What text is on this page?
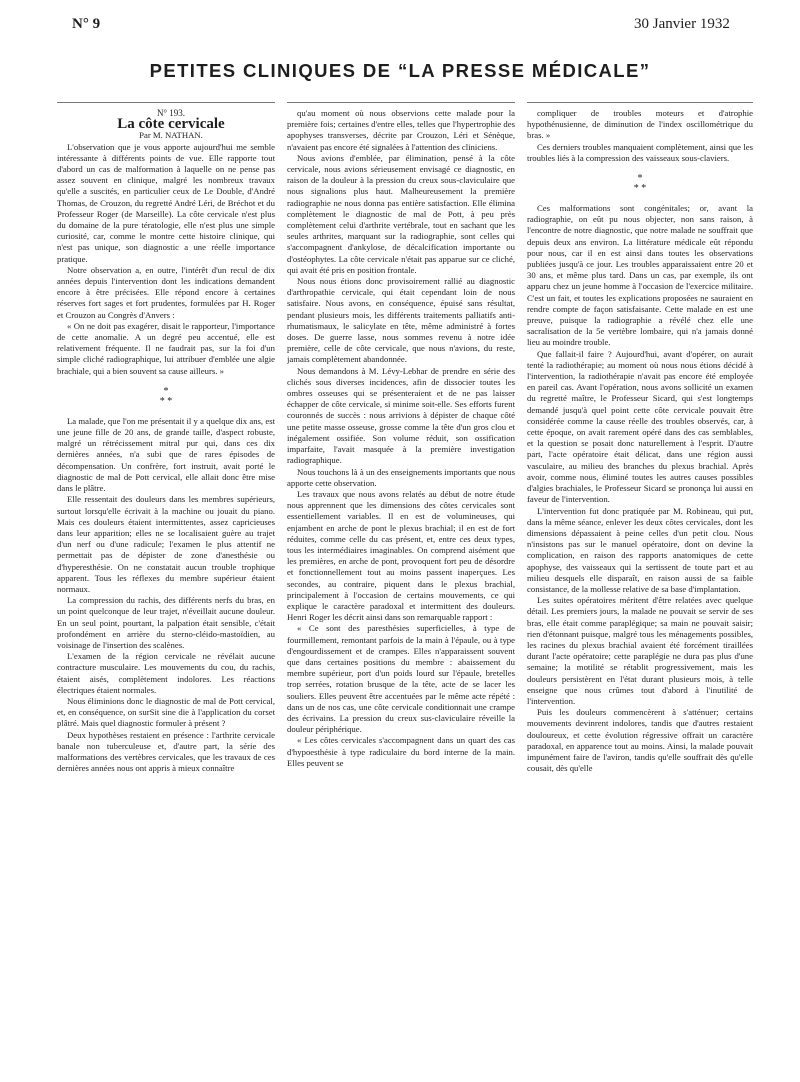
N° 9	30 Janvier 1932
PETITES CLINIQUES DE “LA PRESSE MÉDICALE”

N° 193.

La côte cervicale

Par M. NATHAN.

L'observation que je vous apporte aujourd'hui me semble intéressante à différents points de vue. Elle rapporte tout d'abord un cas de malformation à laquelle on ne pense pas assez souvent en clinique, malgré les nombreux travaux qu'elle a suscités, en particulier ceux de Le Double, d'André Thomas, de Crouzon, du regretté André Léri, de Bréchot et du Professeur Roger (de Marseille). La côte cervicale n'est plus du domaine de la pure tératologie, elle n'est plus une simple curiosité, car, comme le montre cette histoire clinique, qui n'est pas unique, son diagnostic a une réelle importance pratique.

Notre observation a, en outre, l'intérêt d'un recul de dix années depuis l'intervention dont les indications demandent encore à être précisées. Elle répond encore à certaines réserves fort sages et fort prudentes, formulées par H. Roger et Crouzon au Congrès d'Anvers :

« On ne doit pas exagérer, disait le rapporteur, l'importance de cette anomalie. A un degré peu accentué, elle est relativement fréquente. Il ne faudrait pas, sur la foi d'un simple cliché radiographique, lui attribuer d'emblée une algie brachiale, qui a bien souvent sa cause ailleurs. »

*
* *

La malade, que l'on me présentait il y a quelque dix ans, est une jeune fille de 20 ans, de grande taille, d'aspect robuste, malgré un rétrécissement mitral pur qui, dans ces dix dernières années, n'a subi que de rares épisodes de décompensation. Un confrère, fort instruit, avait porté le diagnostic de mal de Pott cervical, elle allait donc être mise dans le plâtre.

Elle ressentait des douleurs dans les membres supérieurs, surtout lorsqu'elle écrivait à la machine ou jouait du piano. Mais ces douleurs étaient intermittentes, assez capricieuses dans leur apparition; elles ne se localisaient guère au trajet d'un nerf ou d'une radicule; l'examen le plus attentif ne permettait pas de dépister de zone d'anesthésie ou d'hyperesthésie. On ne constatait aucun trouble trophique apparent. Tous les réflexes du membre supérieur étaient normaux.

La compression du rachis, des différents nerfs du bras, en un point quelconque de leur trajet, n'éveillait aucune douleur. En un seul point, pourtant, la palpation était sensible, c'était profondément en arrière du sterno-cléido-mastoïdien, au voisinage de l'insertion des scalènes.

L'examen de la région cervicale ne révélait aucune contracture musculaire. Les mouvements du cou, du rachis, étaient aisés, complètement indolores. Les réactions électriques étaient normales.

Nous éliminions donc le diagnostic de mal de Pott cervical, et, en conséquence, on surSit sine die à l'application du corset plâtré. Mais quel diagnostic formuler à présent ?

Deux hypothèses restaient en présence : l'arthrite cervicale banale non tuberculeuse et, d'autre part, la série des malformations des vertèbres cervicales, que les travaux de ces dernières années nous ont appris à mieux connaître

qu'au moment où nous observions cette malade pour la première fois; certaines d'entre elles, telles que l'hypertrophie des apophyses transverses, décrite par Crouzon, Léri et Sénèque, n'avaient pas encore été signalées à l'attention des cliniciens.

Nous avions d'emblée, par élimination, pensé à la côte cervicale, nous avions sérieusement envisagé ce diagnostic, en raison de la douleur à la pression du creux sous-claviculaire que nous signalions plus haut. Malheureusement la première radiographie ne nous donna pas entière satisfaction. Elle élimina complètement le diagnostic de mal de Pott, à peu près complètement celui d'arthrite vertébrale, tout en sachant que les seules arthrites, marquant sur la radiographie, sont celles qui s'accompagnent d'ankylose, de décalcification importante ou d'ostéophytes. La côte cervicale n'était pas apparue sur ce cliché, qui avait été pris en position frontale.

Nous nous étions donc provisoirement rallié au diagnostic d'arthropathie cervicale, qui était cependant loin de nous satisfaire. Nous avons, en conséquence, épuisé sans résultat, pendant plusieurs mois, les différents traitements palliatifs anti-rhumatismaux, le salicylate en tête, même administré à fortes doses. De guerre lasse, nous sommes revenu à notre idée première, celle de côte cervicale, que nous n'avions, du reste, jamais complètement abandonnée.

Nous demandons à M. Lévy-Lebhar de prendre en série des clichés sous diverses incidences, afin de dissocier toutes les ombres osseuses qui se présenteraient et de ne pas laisser échapper de côte cervicale, si minime soit-elle. Ses efforts furent couronnés de succès : nous arrivions à dépister de chaque côté une petite masse osseuse, grosse comme la tête d'un gros clou et inégalement ossifiée. Son volume réduit, son ossification imparfaite, l'avait masquée à la première investigation radiographique.

Nous touchons là à un des enseignements importants que nous apporte cette observation.

Les travaux que nous avons relatés au début de notre étude nous apprennent que les dimensions des côtes cervicales sont essentiellement variables. Il en est de volumineuses, qui enjambent en arche de pont le plexus brachial; il en est de fort réduites, comme celle du cas présent, et, entre ces deux types, tous les intermédiaires imaginables. On comprend aisément que les premières, en arche de pont, provoquent fort peu de désordre et fonctionnellement tout au moins passent inaperçues. Les secondes, au contraire, piquent dans le plexus brachial, principalement à l'occasion de certains mouvements, ce qui explique le caractère paradoxal et intermittent des douleurs. Henri Roger les décrit ainsi dans son remarquable rapport :

« Ce sont des paresthésies superficielles, à type de fourmillement, remontant parfois de la main à l'épaule, ou à type d'engourdissement et de crampes. Elles n'apparaissent souvent que dans certaines positions du membre : abaissement du membre supérieur, port d'un poids lourd sur l'épaule, bretelles trop serrées, rotation brusque de la tête, acte de se lacer les souliers. Elles peuvent être accentuées par le même acte répété : dans un de nos cas, une côte cervicale conditionnait une crampe des écrivains. La pression du creux sus-claviculaire réveille la douleur périphérique.

« Les côtes cervicales s'accompagnent dans un quart des cas d'hypoesthésie à type radiculaire du bord interne de la main. Elles peuvent se

compliquer de troubles moteurs et d'atrophie hypothénusienne, de diminution de l'index oscillométrique du bras. »

Ces derniers troubles manquaient complètement, ainsi que les troubles liés à la compression des vaisseaux sous-claviers.

*
* *

Ces malformations sont congénitales; or, avant la radiographie, on eût pu nous objecter, non sans raison, à l'encontre de notre diagnostic, que notre malade ne souffrait que depuis deux ans environ. La littérature médicale eût répondu pour nous, car il en est ainsi dans toutes les observations publiées jusqu'à ce jour. Les troubles apparaissaient entre 20 et 30 ans, et même plus tard. Dans un cas, par exemple, ils ont apparu chez un jeune homme à l'occasion de l'exercice militaire. C'est un fait, et toutes les explications proposées ne sauraient en rendre compte de façon satisfaisante. Cette malade en est une preuve, puisque la radiographie a révélé chez elle une sacralisation de la 5e vertèbre lombaire, qui n'a jamais donné lieu au moindre trouble.

Que fallait-il faire ? Aujourd'hui, avant d'opérer, on aurait tenté la radiothérapie; au moment où nous nous étions décidé à l'intervention, la radiothérapie n'avait pas encore été employée en pareil cas. Avant l'opération, nous avons sollicité un examen du regretté maître, le Professeur Sicard, qui s'est longtemps demandé jusqu'à quel point cette côte cervicale pouvait être considérée comme la cause réelle des troubles observés, car, à cette époque, on avait rarement opéré dans des cas semblables, et la question se posait donc naturellement à l'esprit. D'autre part, l'acte opératoire était délicat, dans une région aussi vasculaire, au milieu des branches du plexus brachial. Après avoir, comme nous, éliminé toutes les autres causes possibles d'algies brachiales, le Professeur Sicard se prononça lui aussi en faveur de l'intervention.

L'intervention fut donc pratiquée par M. Robineau, qui put, dans la même séance, enlever les deux côtes cervicales, dont les dimensions dépassaient à peine celles d'un petit clou. Nous n'insistons pas sur le manuel opératoire, dont on devine la complication, en raison des rapports anatomiques de cette apophyse, des vaisseaux qui la sertissent de toute part et au milieu desquels elle disparaît, en raison aussi de sa faible consistance, de la mollesse relative de sa base d'implantation.

Les suites opératoires méritent d'être relatées avec quelque détail. Les premiers jours, la malade ne pouvait se servir de ses bras, elle était comme paraplégique; sa main ne pouvait saisir; rien d'étonnant puisque, malgré tous les ménagements possibles, les racines du plexus brachial avaient été forcément tiraillées durant l'acte opératoire; cette paraplégie ne dura pas plus d'une semaine; la motilité se rétablit progressivement, mais les douleurs persistèrent en l'état durant plusieurs mois, à telle enseigne que nous crûmes tout d'abord à l'inutilité de l'intervention.

Puis les douleurs commencèrent à s'atténuer; certains mouvements devinrent indolores, tandis que d'autres restaient douloureux, et cette évolution régressive offrait un caractère paradoxal, en apparence tout au moins. Ainsi, la malade pouvait impunément faire de l'aviron, tandis qu'elle souffrait dès qu'elle cousait, dès qu'elle
